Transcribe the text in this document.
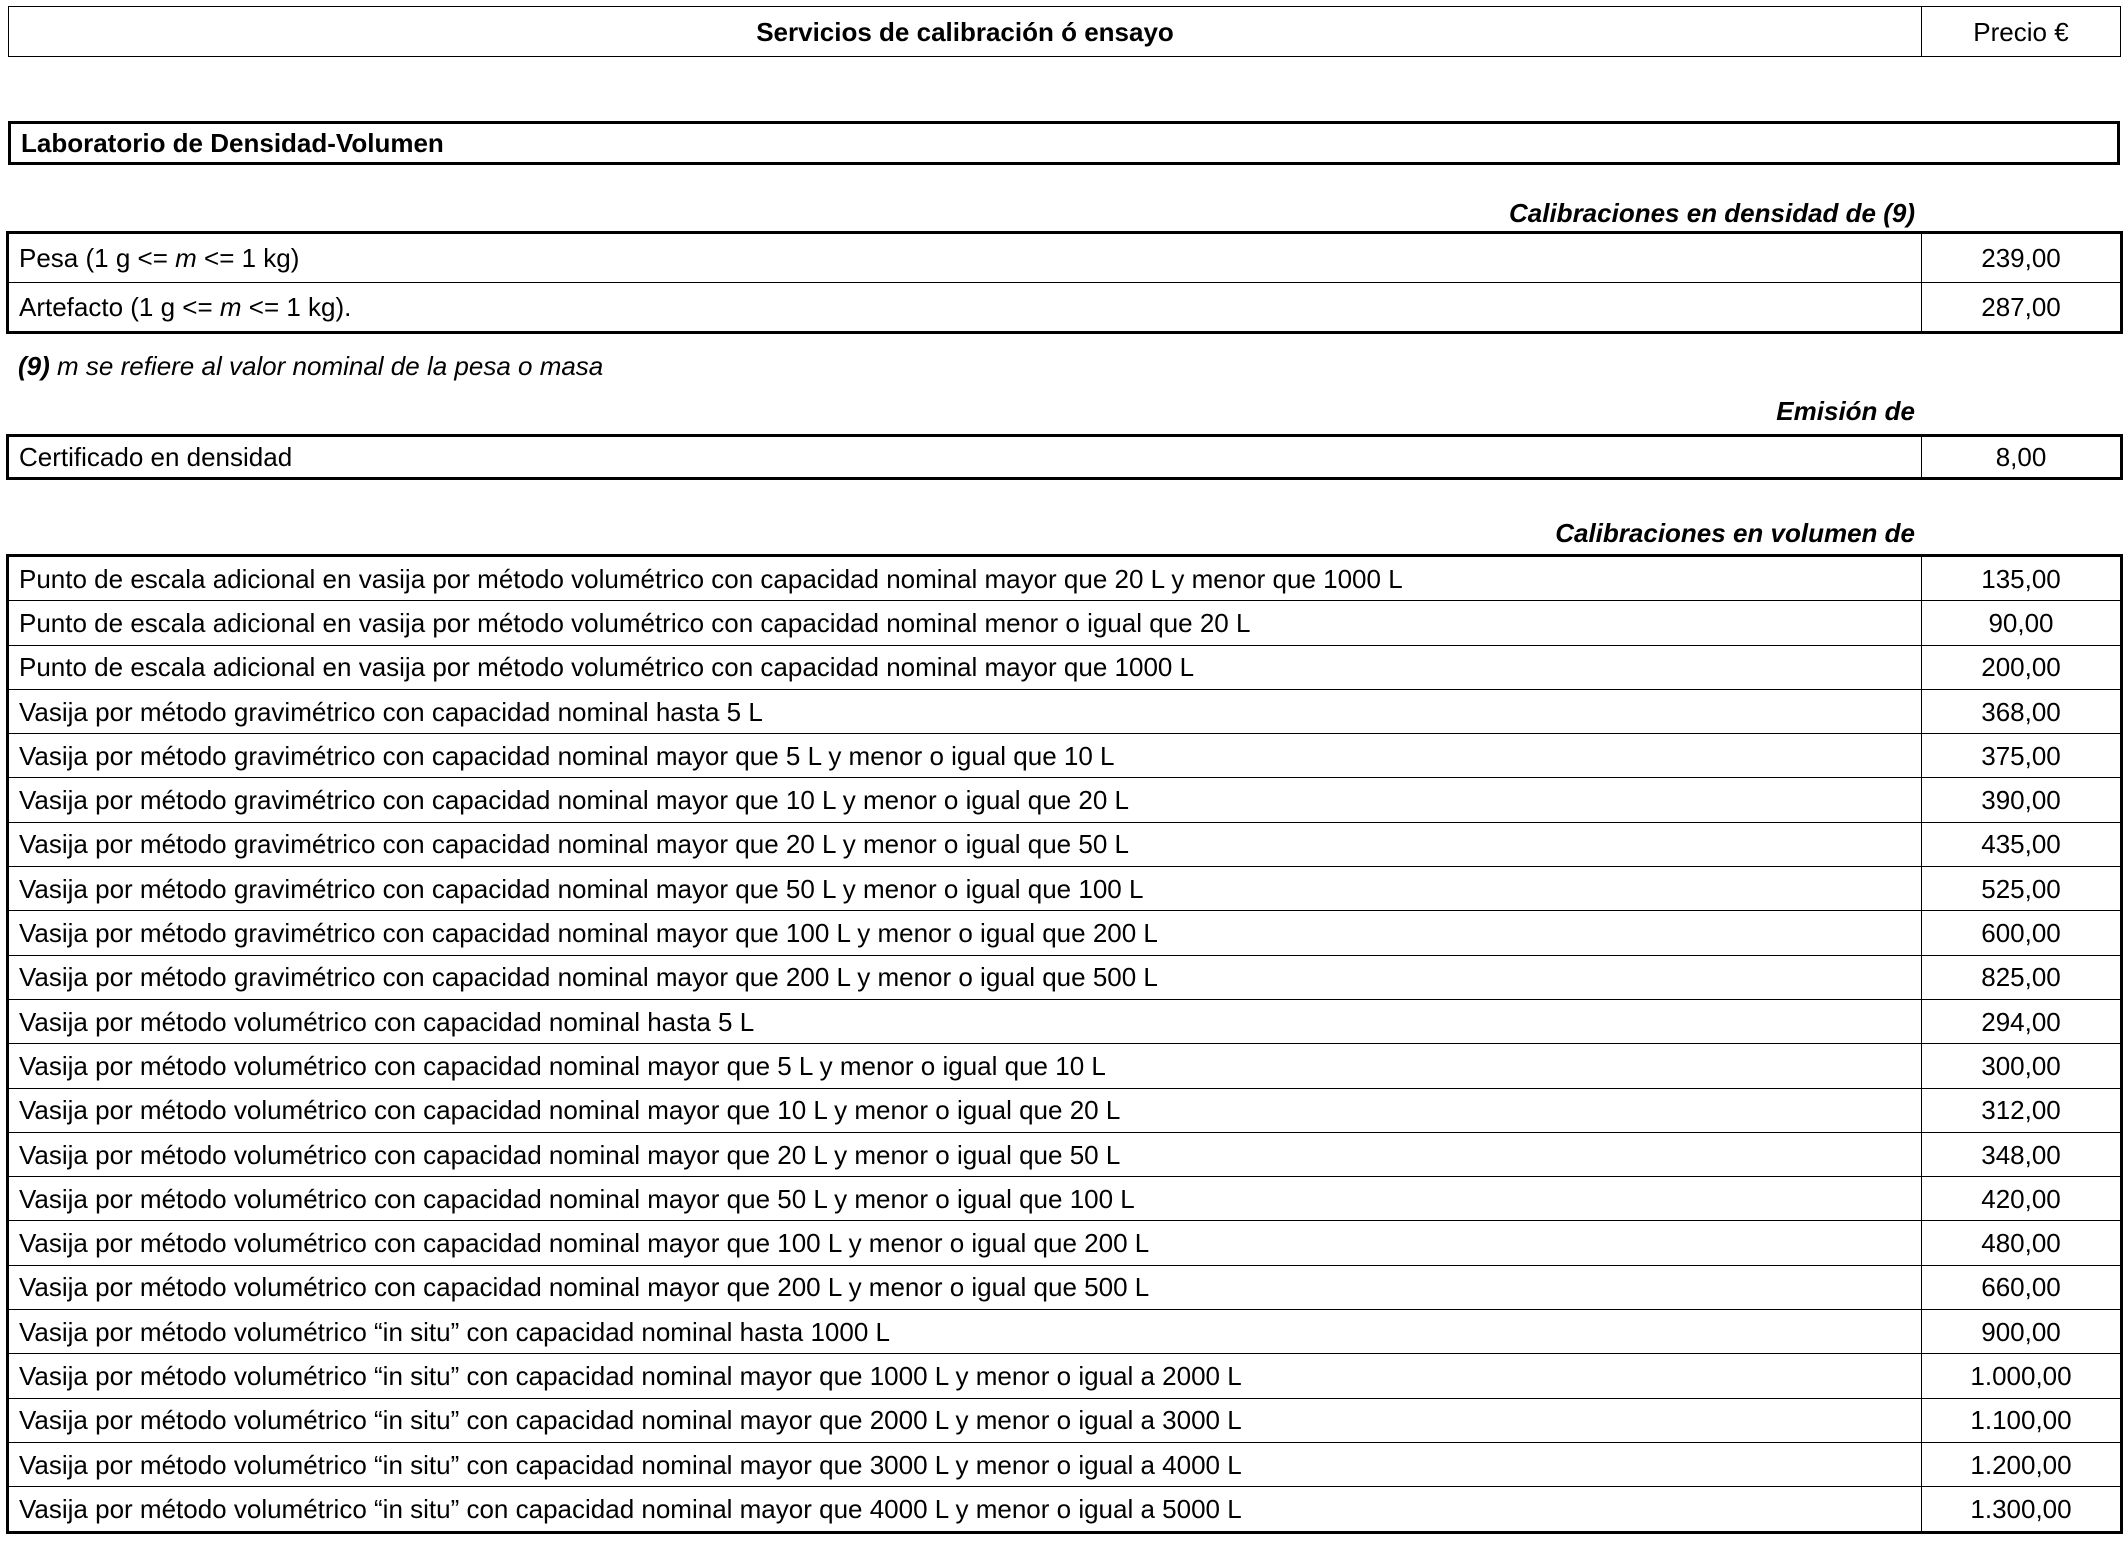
Servicios de calibración ó ensayo	Precio €
Laboratorio de Densidad-Volumen
Calibraciones en densidad de (9)
Pesa (1 g <= m <= 1 kg)	239,00
Artefacto (1 g <= m <= 1 kg).	287,00
(9) m se refiere al valor nominal de la pesa o masa
Emisión de
Certificado en densidad	8,00
Calibraciones en volumen de
Punto de escala adicional en vasija por método volumétrico con capacidad nominal mayor que 20 L y menor que 1000 L	135,00
Punto de escala adicional en vasija por método volumétrico con capacidad nominal menor o igual que 20 L	90,00
Punto de escala adicional en vasija por método volumétrico con capacidad nominal mayor que 1000 L	200,00
Vasija por método gravimétrico con capacidad nominal hasta 5 L	368,00
Vasija por método gravimétrico con capacidad nominal mayor que 5 L y menor o igual que 10 L	375,00
Vasija por método gravimétrico con capacidad nominal mayor que 10 L y menor o igual que 20 L	390,00
Vasija por método gravimétrico con capacidad nominal mayor que 20 L y menor o igual que 50 L	435,00
Vasija por método gravimétrico con capacidad nominal mayor que 50 L y menor o igual que 100 L	525,00
Vasija por método gravimétrico con capacidad nominal mayor que 100 L y menor o igual que 200 L	600,00
Vasija por método gravimétrico con capacidad nominal mayor que 200 L y menor o igual que 500 L	825,00
Vasija por método volumétrico con capacidad nominal hasta 5 L	294,00
Vasija por método volumétrico con capacidad nominal mayor que 5 L y menor o igual que 10 L	300,00
Vasija por método volumétrico con capacidad nominal mayor que 10 L y menor o igual que 20 L	312,00
Vasija por método volumétrico con capacidad nominal mayor que 20 L y menor o igual que 50 L	348,00
Vasija por método volumétrico con capacidad nominal mayor que 50 L y menor o igual que 100 L	420,00
Vasija por método volumétrico con capacidad nominal mayor que 100 L y menor o igual que 200 L	480,00
Vasija por método volumétrico con capacidad nominal mayor que 200 L y menor o igual que 500 L	660,00
Vasija por método volumétrico “in situ” con capacidad nominal hasta 1000 L	900,00
Vasija por método volumétrico “in situ” con capacidad nominal mayor que 1000 L y menor o igual a 2000 L	1.000,00
Vasija por método volumétrico “in situ” con capacidad nominal mayor que 2000 L y menor o igual a 3000 L	1.100,00
Vasija por método volumétrico “in situ” con capacidad nominal mayor que 3000 L y menor o igual a 4000 L	1.200,00
Vasija por método volumétrico “in situ” con capacidad nominal mayor que 4000 L y menor o igual a 5000 L	1.300,00
